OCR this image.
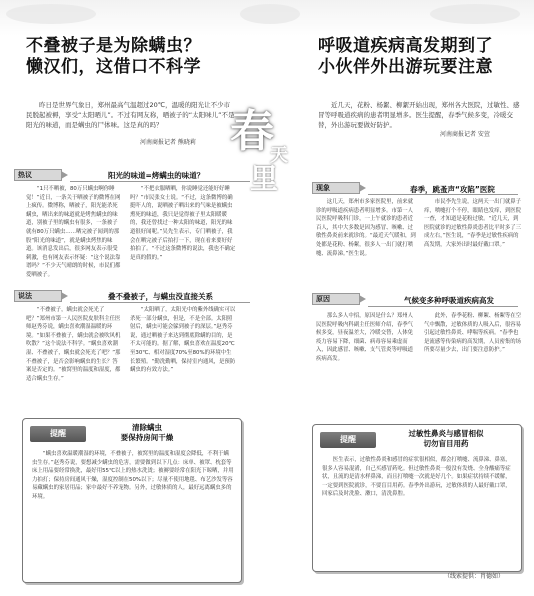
不叠被子是为除螨虫？
懒汉们，这借口不科学
呼吸道疾病高发期到了
小伙伴外出游玩要注意
春
天
里
昨日是世界气象日，郑州最高气温超过20℃，温暖的阳光让不少市民脱起被褥，享受“太阳晒儿”。不过有网友称，晒被子的“太阳味儿”不是阳光的味道，而是螨虫的尸体味。这是真的吗？
河南商报记者 熊晓莉
近几天，花粉、杨絮、柳絮开始出现，郑州各大医院，过敏性、感冒等呼吸道疾病的患者明显增多。医生提醒，春季气候多变，冷暖交替，外出游玩要做好防护。
河南商报记者 安萱
热议	阳光的味道=烤螨虫的味道？
“1只不晒被，80万只螨虫啊你睡觉！”近日，一条关于晒被子的微博在网上疯传。微博称，晒被子，阳光能杀死螨虫，晒出来的味道就是烤焦螨虫的味道，别被子里的螨虫有很多，一条被子就有80万只螨虫……晒完被子闻到的那股“阳光的味道”，就是螨虫烤焦的味道。该消息发出后，很多网友表示很受刺激，也有网友表示怀疑：“这个说法靠谱吗？”不少天气晴朗的时候，市民们都爱晒被子。
“不把衣服晒晒，你说睡觉还能好好睡吗？”市民张女士说。“不过，这条微博的确挺吓人的，说晒被子晒出来的气味是被螨虫熏死的味道，我只是觉得被子里太阳暖暖的，我还曾找过一种太阳的味道，阳光的味道很好闻呢。”吴先生表示，专门晒被子，我会在晒完被子后拍打一下，现在看来要好好拍拍了。“不过这条微博的说法，我也不确定是真的假的。”
说法	叠不叠被子，与螨虫没直接关系
“不叠被子，螨虫就会死光了吧？”郑州市第一人民医院皮肤科主任医师赵秀芬说，螨虫喜欢潮湿温暖的环境。“如果不叠被子，螨虫就会被吹风机吹散？”这个说法不科学。“螨虫喜欢潮湿、不叠被子，螨虫就会死光了吧？”那不叠被子，是否会影响螨虫的生长？答案是否定的。“被窝里的温度和湿度，都适合螨虫生存。”
“太阳晒了，太阳光中的紫外线确实可以杀死一部分螨虫，但是，不是全部。太阳照射后，螨虫可能会躲到被子的深层。”赵秀芬说，通过晒被子来达到彻底除螨的目的，是不太可能的。据了解，螨虫喜欢在温度20℃至30℃、相对湿度70%至80%的环境中生长繁殖。“勤洗勤晒，保持室内通风，是预防螨虫的有效方法。”
提醒
清除螨虫
要保持房间干燥
“螨虫喜欢温暖潮湿的环境，不叠被子，被窝里的温度和湿度会降低，不利于螨虫生存。”赵秀芬说，要想减少螨虫的危害，需要做到以下几点：床单、被罩、枕套等床上用品要经常换洗，最好用55℃以上的热水洗烫；被褥要经常在阳光下晾晒，并用力拍打；保持房间通风干燥，湿度控制在50%以下；尽量不使用地毯、布艺沙发等容易藏螨虫的家居用品；家中最好不养宠物。另外，过敏体质的人，最好远离螨虫多的环境。
现象	春季，跳蚤声“攻陷”医院
这几天，郑州市多家医院里，前来就诊的呼吸道疾病患者明显增多。市第一人民医院呼吸科门诊，一上午就诊的患者近百人，其中大多数是因为感冒、咳嗽、过敏性鼻炎前来就诊的。“最近天气暖和，到处都是花粉、杨絮，很多人一出门就打喷嚏、流鼻涕。”医生说。
市民李先生说，这两天一出门就鼻子痒，喷嚏打个不停，眼睛也发痒，到医院一查，才知道是花粉过敏。“近几天，到医院就诊的过敏性鼻炎患者比平时多了三成左右，”医生说，“春季是过敏性疾病的高发期，大家外出时最好戴口罩。”
原因	气候变多种呼吸道疾病高发
那么多人中招，原因是什么？郑州人民医院呼吸内科副主任医师介绍，春季气候多变，昼夜温差大，冷暖交替，人体免疫力容易下降，细菌、病毒容易乘虚而入，因此感冒、咳嗽、支气管炎等呼吸道疾病高发。
此外，春季花粉、柳絮、杨絮等在空气中飘散，过敏体质的人吸入后，很容易引起过敏性鼻炎、哮喘等疾病。“春季也是流感等传染病的高发期，人员密集的场所要尽量少去，出门要注意防护。”
提醒
过敏性鼻炎与感冒相似
切勿盲目用药
医生表示，过敏性鼻炎和感冒的症状很相似，都会打喷嚏、流鼻涕、鼻塞，很多人容易混淆，自己买感冒药吃。但过敏性鼻炎一般没有发烧、全身酸痛等症状，且流的是清水样鼻涕，而且打喷嚏一次就是好几个。如果症状持续不缓解，一定要到医院就诊，不要盲目用药。春季外出游玩，过敏体质的人最好戴口罩，回家后及时洗脸、漱口，清洗鼻腔。
（线索提供：肖德如）
